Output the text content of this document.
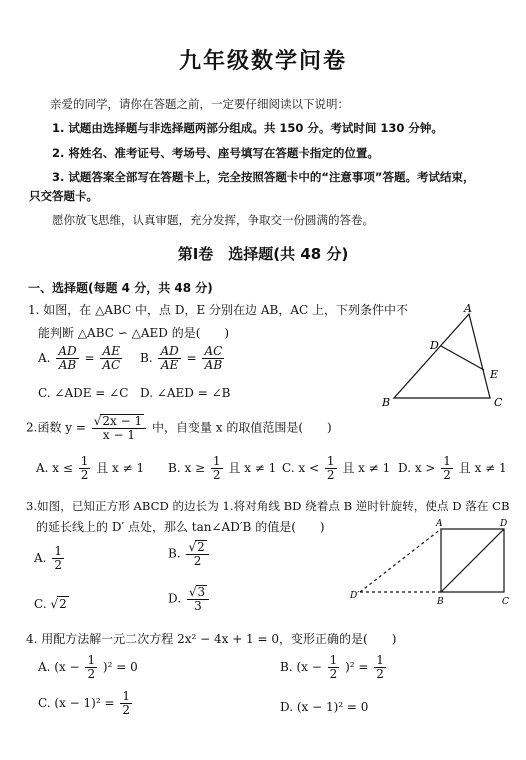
九年级数学问卷
亲爱的同学，请你在答题之前，一定要仔细阅读以下说明：
1. 试题由选择题与非选择题两部分组成。共 150 分。考试时间 130 分钟。
2. 将姓名、准考证号、考场号、座号填写在答题卡指定的位置。
3. 试题答案全部写在答题卡上，完全按照答题卡中的“注意事项”答题。考试结束，
只交答题卡。
愿你放飞思维，认真审题，充分发挥，争取交一份圆满的答卷。
第Ⅰ卷　选择题(共 48 分)
一、选择题(每题 4 分，共 48 分)
1. 如图，在 △ABC 中，点 D，E 分别在边 AB，AC 上，下列条件中不
能判断 △ABC ∽ △AED 的是(　　)
A. $\frac{AD}{AB} = \frac{AE}{AC} B$. $\frac{AD}{AE} = \frac{AC}{AB}$
C. ∠ADE = ∠C D. ∠AED = ∠B
A
B	C
D
E
2.函数 $y = \frac{√2x - 1}{x - 1}$ 中，自变量 x 的取值范围是(　　)
A. $x \le \frac{1}{2}$ 且 x ≠ 1 B. $x \ge \frac{1}{2}$ 且 x ≠ 1 C. $x < \frac{1}{2}$ 且 x ≠ 1 D. $x > \frac{1}{2}$ 且 x ≠ 1
3.如图，已知正方形 ABCD 的边长为 1.将对角线 BD 绕着点 B 逆时针旋转，使点 D 落在 CB
的延长线上的 D′ 点处，那么 tan∠AD′B 的值是(　　)
A. $\frac{1}{2}$	B. $\frac{√2}{2}$
C. √2	D. $\frac{√3}{3}$
A	D
B	C
D′
4. 用配方法解一元二次方程 2x² − 4x + 1 = 0，变形正确的是(　　)
A. $(x - \frac{1}{2} )^2 = 0$	B. $(x - \frac{1}{2} )^2 = \frac{1}{2}$
C. $(x - 1)^2 = \frac{1}{2}$	D. (x − 1)² = 0
